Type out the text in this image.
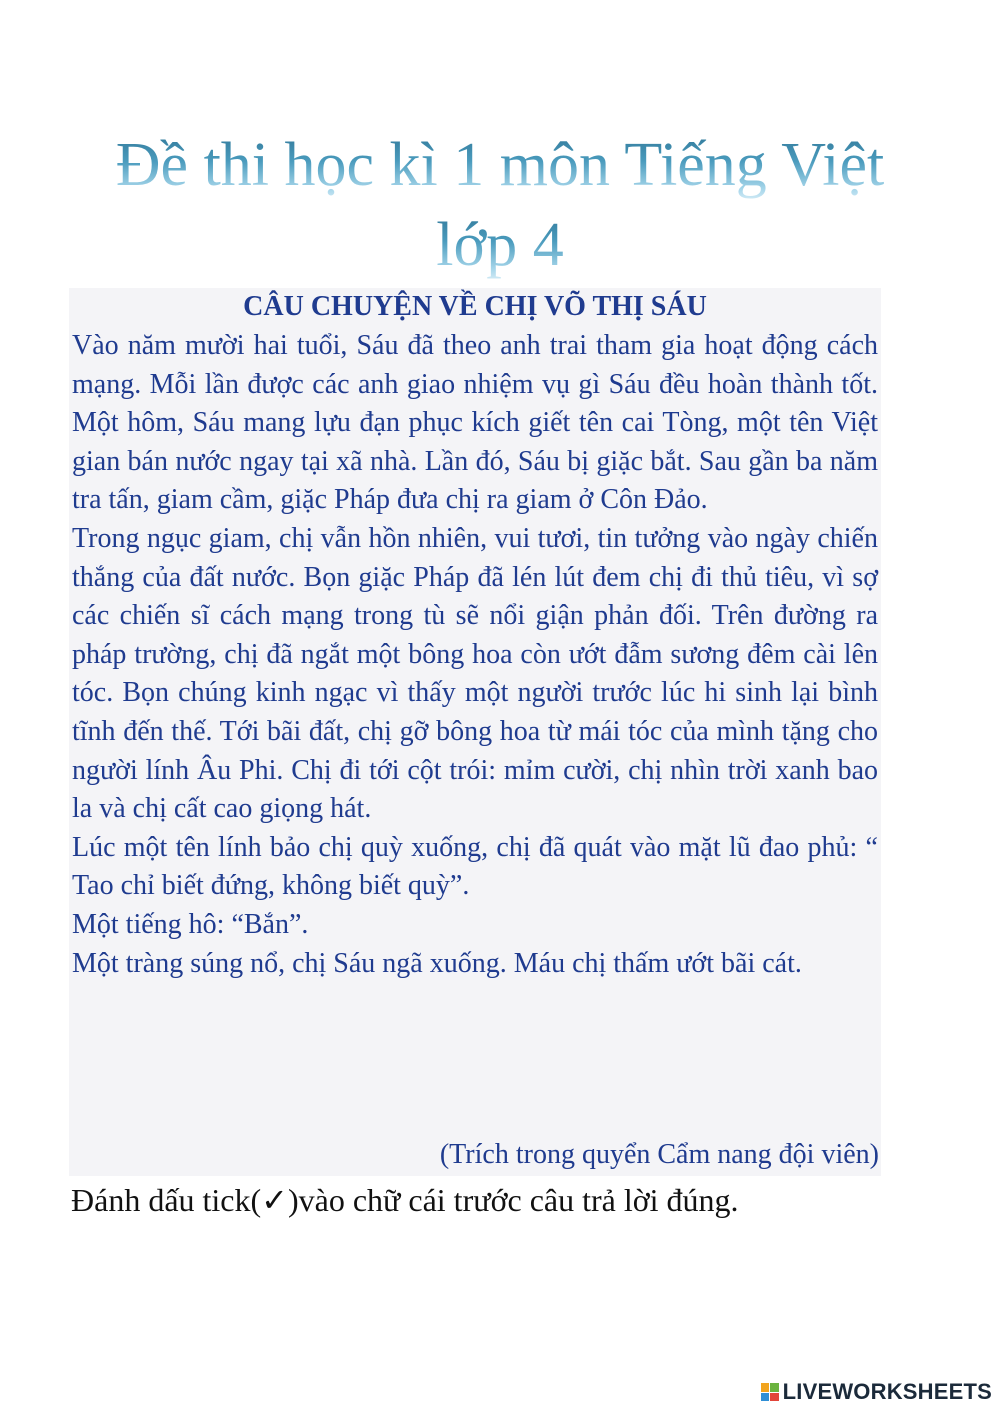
Đề thi học kì 1 môn Tiếng Việt
lớp 4
CÂU CHUYỆN VỀ CHỊ VÕ THỊ SÁU

Vào năm mười hai tuổi, Sáu đã theo anh trai tham gia hoạt động cách mạng. Mỗi lần được các anh giao nhiệm vụ gì Sáu đều hoàn thành tốt. Một hôm, Sáu mang lựu đạn phục kích giết tên cai Tòng, một tên Việt gian bán nước ngay tại xã nhà. Lần đó, Sáu bị giặc bắt. Sau gần ba năm tra tấn, giam cầm, giặc Pháp đưa chị ra giam ở Côn Đảo.

Trong ngục giam, chị vẫn hồn nhiên, vui tươi, tin tưởng vào ngày chiến thắng của đất nước. Bọn giặc Pháp đã lén lút đem chị đi thủ tiêu, vì sợ các chiến sĩ cách mạng trong tù sẽ nổi giận phản đối. Trên đường ra pháp trường, chị đã ngắt một bông hoa còn ướt đẫm sương đêm cài lên tóc. Bọn chúng kinh ngạc vì thấy một người trước lúc hi sinh lại bình tĩnh đến thế. Tới bãi đất, chị gỡ bông hoa từ mái tóc của mình tặng cho người lính Âu Phi. Chị đi tới cột trói: mỉm cười, chị nhìn trời xanh bao la và chị cất cao giọng hát.

Lúc một tên lính bảo chị quỳ xuống, chị đã quát vào mặt lũ đao phủ: “ Tao chỉ biết đứng, không biết quỳ”.

Một tiếng hô: “Bắn”.

Một tràng súng nổ, chị Sáu ngã xuống. Máu chị thấm ướt bãi cát.

(Trích trong quyển Cẩm nang đội viên)
Đánh dấu tick(✓)vào chữ cái trước câu trả lời đúng.
LIVEWORKSHEETS
